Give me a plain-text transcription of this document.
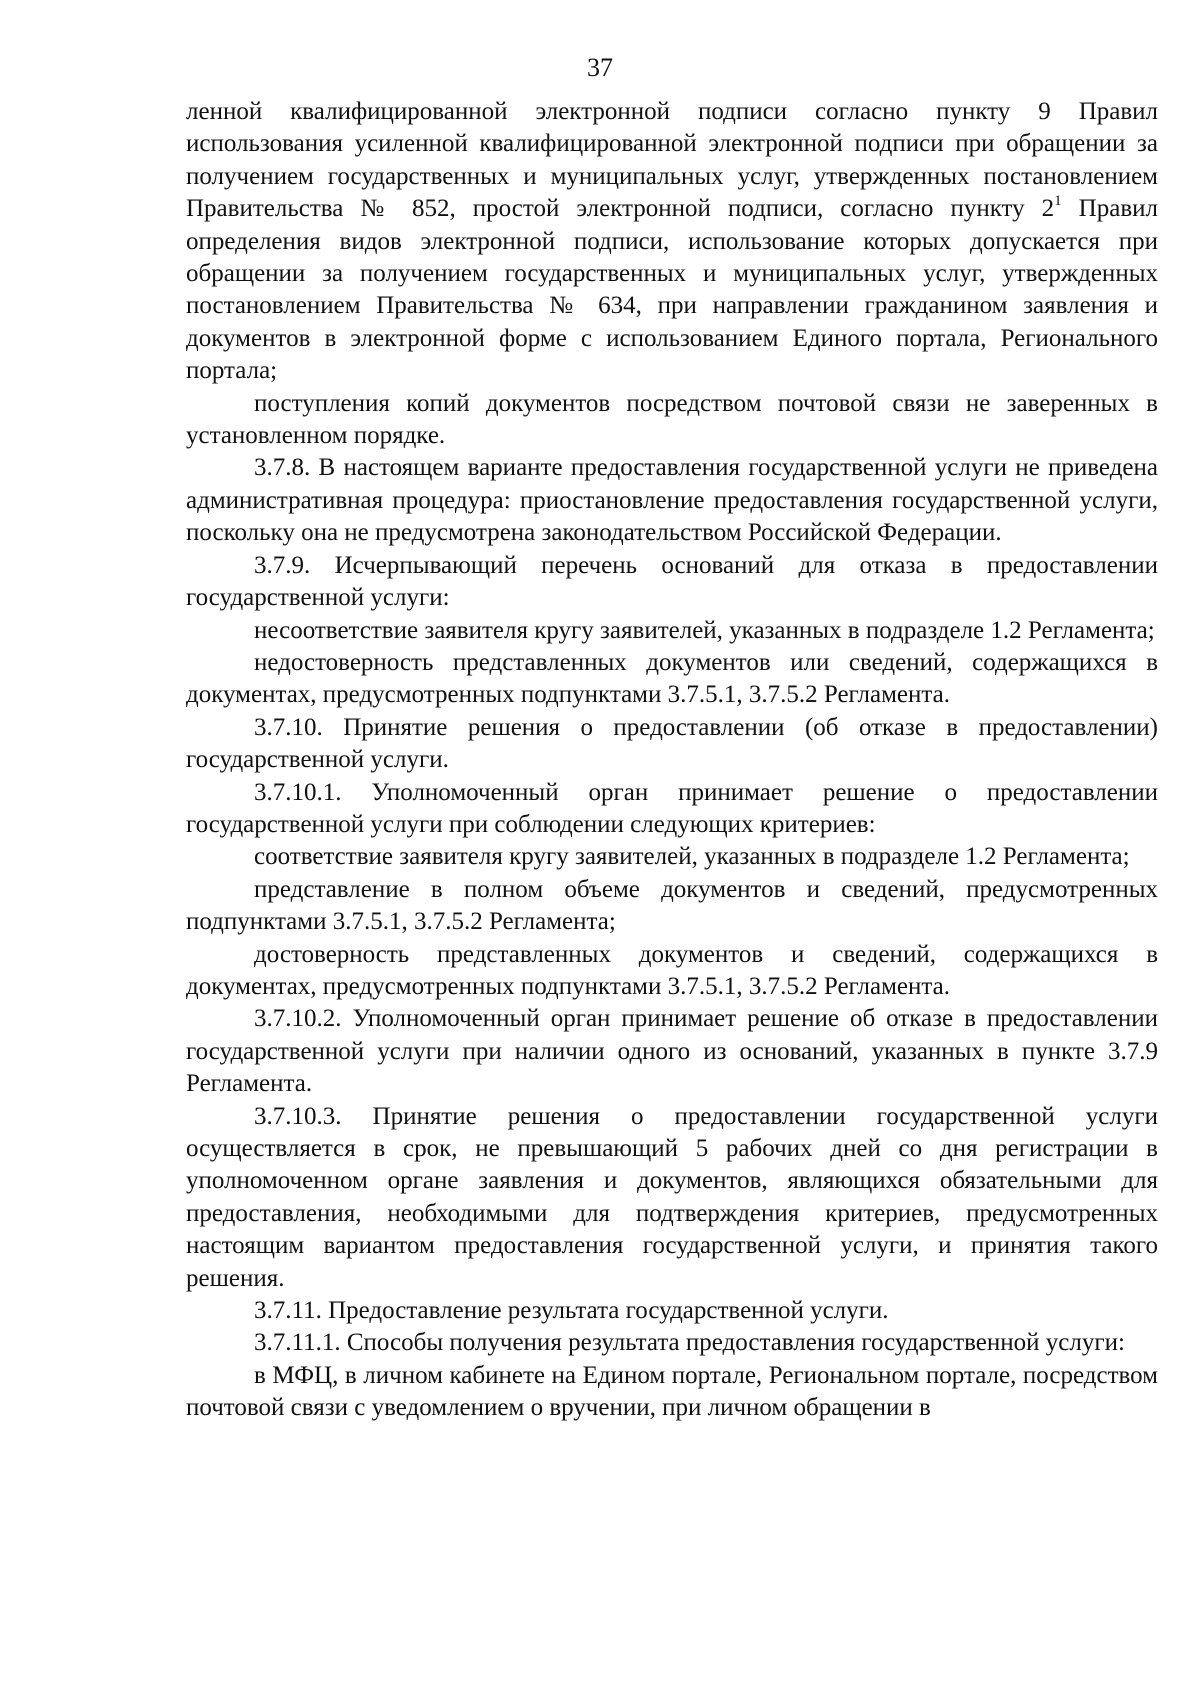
37

ленной квалифицированной электронной подписи согласно пункту 9 Правил использования усиленной квалифицированной электронной подписи при обращении за получением государственных и муниципальных услуг, утвержденных постановлением Правительства № 852, простой электронной подписи, согласно пункту $2^1$ Правил определения видов электронной подписи, использование которых допускается при обращении за получением государственных и муниципальных услуг, утвержденных постановлением Правительства № 634, при направлении гражданином заявления и документов в электронной форме с использованием Единого портала, Регионального портала;

поступления копий документов посредством почтовой связи не заверенных в установленном порядке.

3.7.8. В настоящем варианте предоставления государственной услуги не приведена административная процедура: приостановление предоставления государственной услуги, поскольку она не предусмотрена законодательством Российской Федерации.

3.7.9. Исчерпывающий перечень оснований для отказа в предоставлении государственной услуги:

несоответствие заявителя кругу заявителей, указанных в подразделе 1.2 Регламента;

недостоверность представленных документов или сведений, содержащихся в документах, предусмотренных подпунктами 3.7.5.1, 3.7.5.2 Регламента.

3.7.10. Принятие решения о предоставлении (об отказе в предоставлении) государственной услуги.

3.7.10.1. Уполномоченный орган принимает решение о предоставлении государственной услуги при соблюдении следующих критериев:

соответствие заявителя кругу заявителей, указанных в подразделе 1.2 Регламента;

представление в полном объеме документов и сведений, предусмотренных подпунктами 3.7.5.1, 3.7.5.2 Регламента;

достоверность представленных документов и сведений, содержащихся в документах, предусмотренных подпунктами 3.7.5.1, 3.7.5.2 Регламента.

3.7.10.2. Уполномоченный орган принимает решение об отказе в предоставлении государственной услуги при наличии одного из оснований, указанных в пункте 3.7.9 Регламента.

3.7.10.3. Принятие решения о предоставлении государственной услуги осуществляется в срок, не превышающий 5 рабочих дней со дня регистрации в уполномоченном органе заявления и документов, являющихся обязательными для предоставления, необходимыми для подтверждения критериев, предусмотренных настоящим вариантом предоставления государственной услуги, и принятия такого решения.

3.7.11. Предоставление результата государственной услуги.

3.7.11.1. Способы получения результата предоставления государственной услуги:

в МФЦ, в личном кабинете на Едином портале, Региональном портале, посредством почтовой связи с уведомлением о вручении, при личном обращении в
